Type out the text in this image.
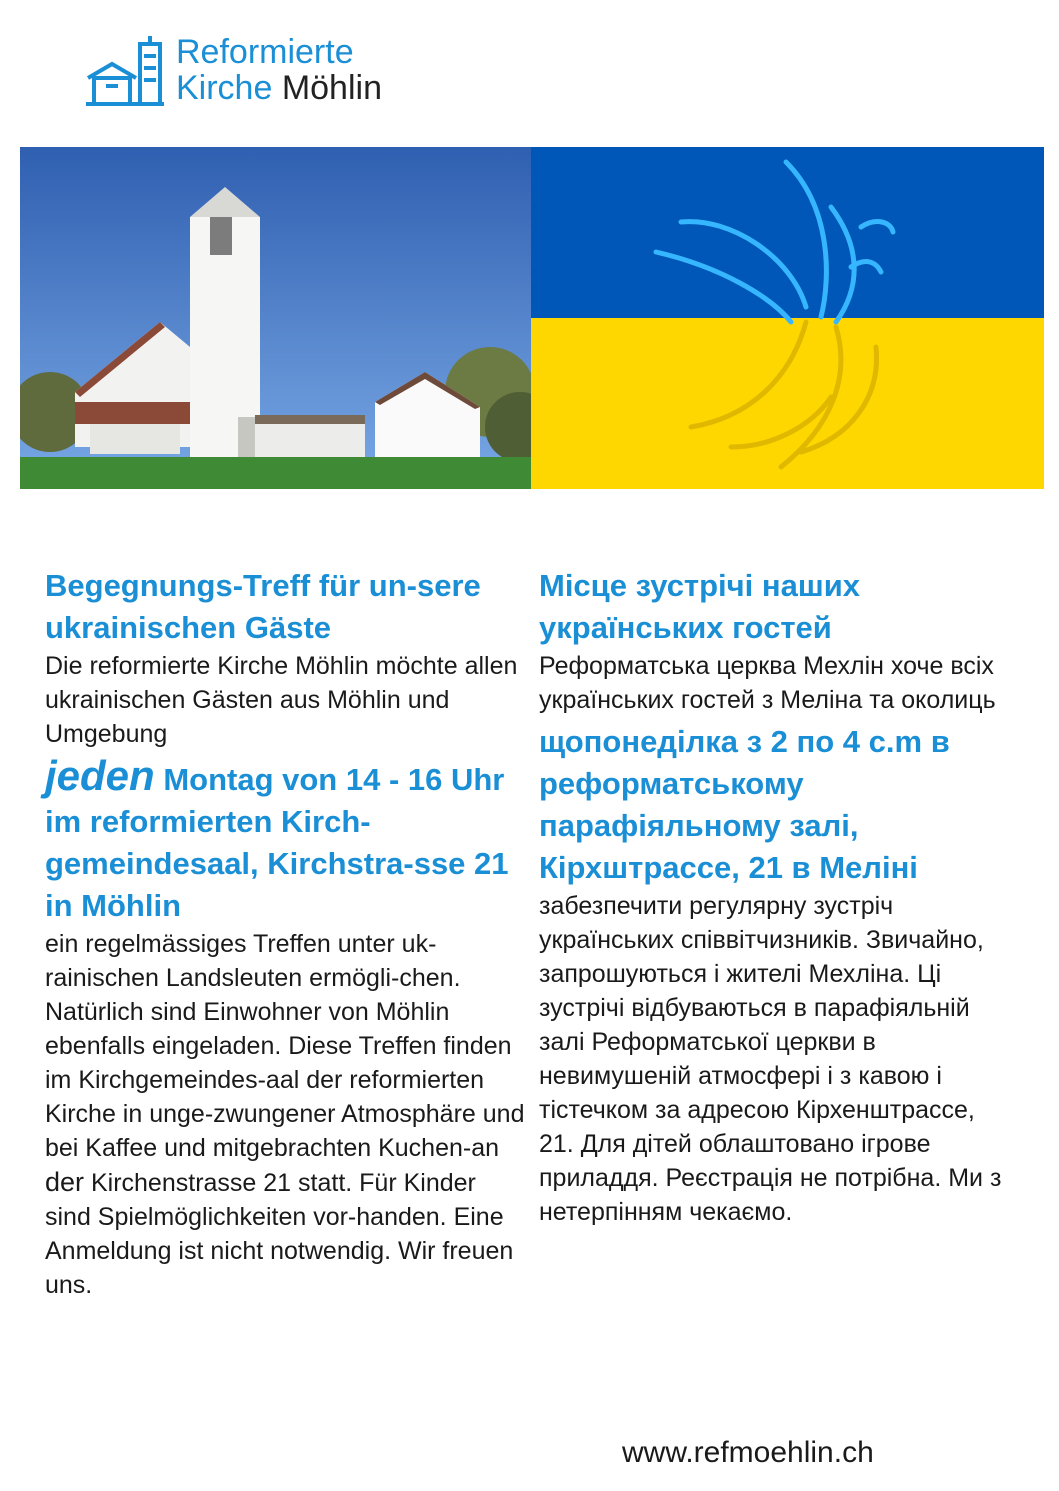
Reformierte
Kirche Möhlin

Begegnungs-Treff für un-sere ukrainischen Gäste

Die reformierte Kirche Möhlin möchte allen ukrainischen Gästen aus Möhlin und Umgebung

jeden Montag von 14 - 16 Uhr im reformierten Kirch-gemeindesaal, Kirchstra-sse 21 in Möhlin

ein regelmässiges Treffen unter uk-rainischen Landsleuten ermögli-chen. Natürlich sind Einwohner von Möhlin ebenfalls eingeladen. Diese Treffen finden im Kirchgemeindes-aal der reformierten Kirche in unge-zwungener Atmosphäre und bei Kaffee und mitgebrachten Kuchen-an der Kirchenstrasse 21 statt. Für Kinder sind Spielmöglichkeiten vor-handen. Eine Anmeldung ist nicht notwendig. Wir freuen uns.

Місце зустрічі наших українських гостей

Реформатська церква Мехлін хоче всіх українських гостей з Меліна та околиць

щопонеділка з 2 по 4 с.m в реформатському парафіяльному залі, Кірхштрассе, 21 в Меліні

забезпечити регулярну зустріч українських співвітчизників. Звичайно, запрошуються і жителі Мехліна. Ці зустрічі відбуваються в парафіяльній залі Реформатської церкви в невимушеній атмосфері і з кавою і тістечком за адресою Кірхенштрассе, 21. Для дітей облаштовано ігрове приладдя. Реєстрація не потрібна. Ми з нетерпінням чекаємо.

www.refmoehlin.ch
